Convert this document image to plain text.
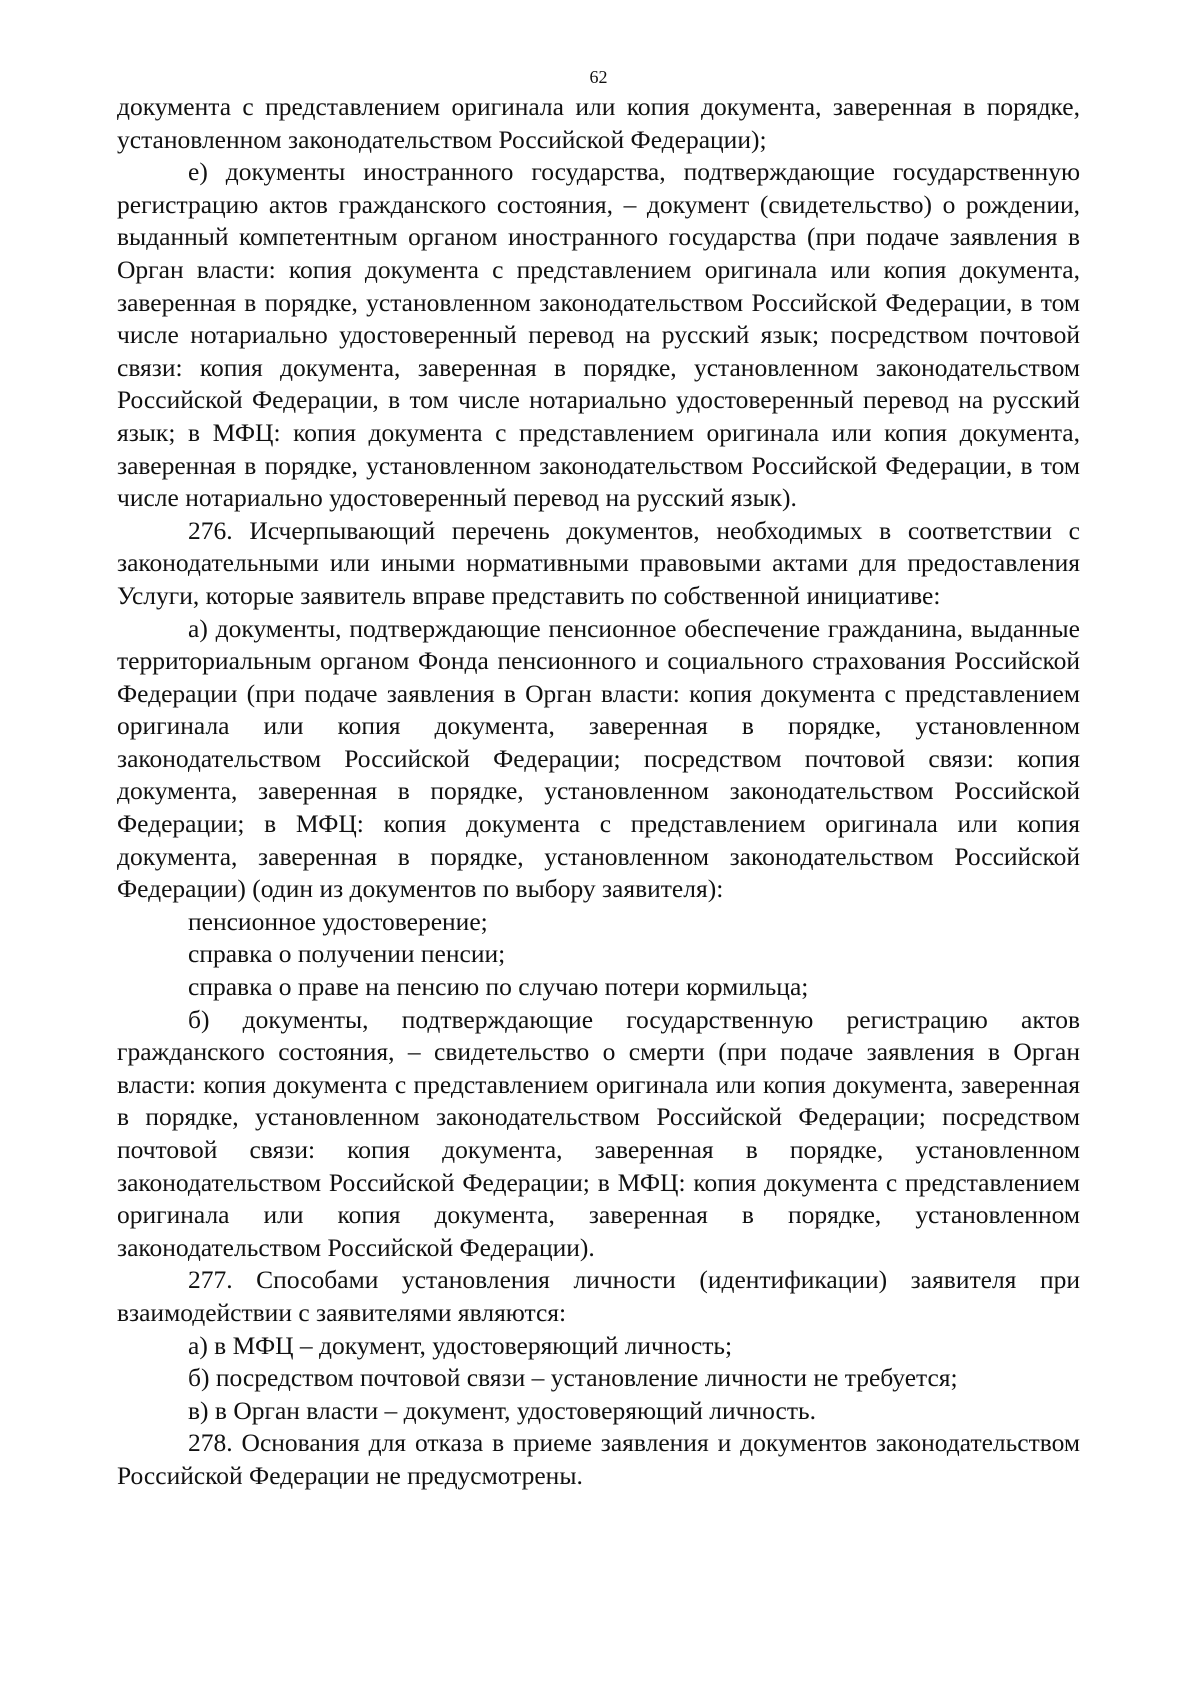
62

документа с представлением оригинала или копия документа, заверенная в порядке, установленном законодательством Российской Федерации);

е) документы иностранного государства, подтверждающие государственную регистрацию актов гражданского состояния, – документ (свидетельство) о рождении, выданный компетентным органом иностранного государства (при подаче заявления в Орган власти: копия документа с представлением оригинала или копия документа, заверенная в порядке, установленном законодательством Российской Федерации, в том числе нотариально удостоверенный перевод на русский язык; посредством почтовой связи: копия документа, заверенная в порядке, установленном законодательством Российской Федерации, в том числе нотариально удостоверенный перевод на русский язык; в МФЦ: копия документа с представлением оригинала или копия документа, заверенная в порядке, установленном законодательством Российской Федерации, в том числе нотариально удостоверенный перевод на русский язык).

276. Исчерпывающий перечень документов, необходимых в соответствии с законодательными или иными нормативными правовыми актами для предоставления Услуги, которые заявитель вправе представить по собственной инициативе:

а) документы, подтверждающие пенсионное обеспечение гражданина, выданные территориальным органом Фонда пенсионного и социального страхования Российской Федерации (при подаче заявления в Орган власти: копия документа с представлением оригинала или копия документа, заверенная в порядке, установленном законодательством Российской Федерации; посредством почтовой связи: копия документа, заверенная в порядке, установленном законодательством Российской Федерации; в МФЦ: копия документа с представлением оригинала или копия документа, заверенная в порядке, установленном законодательством Российской Федерации) (один из документов по выбору заявителя):

пенсионное удостоверение;

справка о получении пенсии;

справка о праве на пенсию по случаю потери кормильца;

б) документы, подтверждающие государственную регистрацию актов гражданского состояния, – свидетельство о смерти (при подаче заявления в Орган власти: копия документа с представлением оригинала или копия документа, заверенная в порядке, установленном законодательством Российской Федерации; посредством почтовой связи: копия документа, заверенная в порядке, установленном законодательством Российской Федерации; в МФЦ: копия документа с представлением оригинала или копия документа, заверенная в порядке, установленном законодательством Российской Федерации).

277. Способами установления личности (идентификации) заявителя при взаимодействии с заявителями являются:

а) в МФЦ – документ, удостоверяющий личность;

б) посредством почтовой связи – установление личности не требуется;

в) в Орган власти – документ, удостоверяющий личность.

278. Основания для отказа в приеме заявления и документов законодательством Российской Федерации не предусмотрены.
